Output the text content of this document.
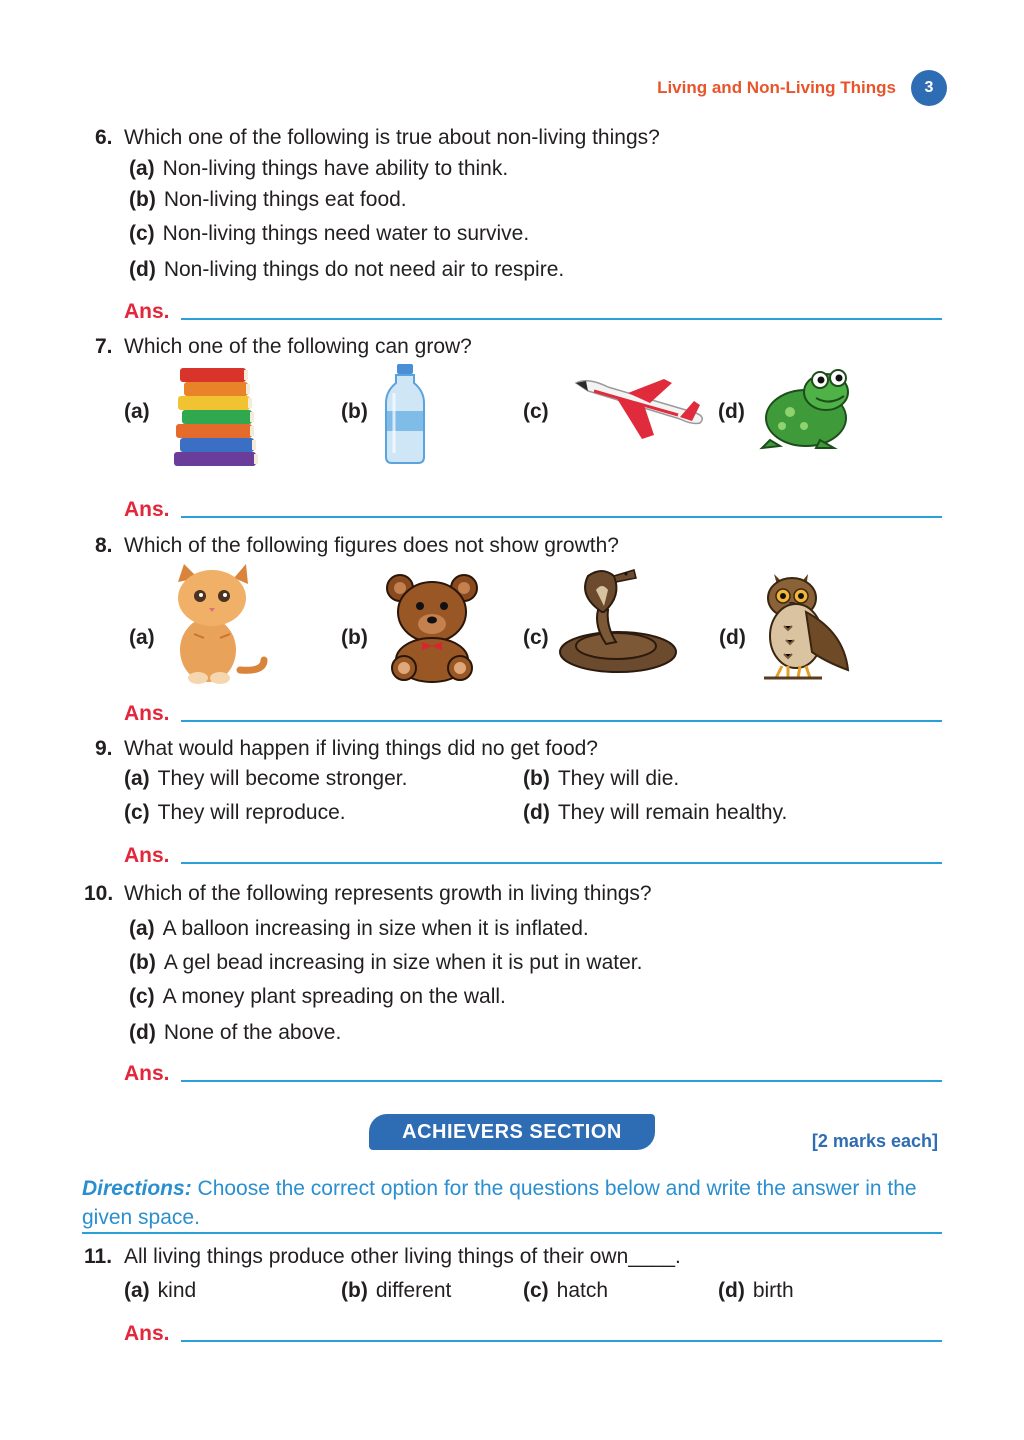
Living and Non-Living Things	3
6. Which one of the following is true about non-living things?
(a) Non-living things have ability to think.
(b) Non-living things eat food.
(c) Non-living things need water to survive.
(d) Non-living things do not need air to respire.
Ans.
7. Which one of the following can grow?
(a)	(b)	(c)	(d)
Ans.
8. Which of the following figures does not show growth?
(a)	(b)	(c)	(d)
Ans.
9. What would happen if living things did no get food?
(a) They will become stronger.	(b) They will die.
(c) They will reproduce.	(d) They will remain healthy.
Ans.
10. Which of the following represents growth in living things?
(a) A balloon increasing in size when it is inflated.
(b) A gel bead increasing in size when it is put in water.
(c) A money plant spreading on the wall.
(d) None of the above.
Ans.
ACHIEVERS SECTION	[2 marks each]
Directions: Choose the correct option for the questions below and write the answer in the given space.
11. All living things produce other living things of their own____.
(a) kind	(b) different	(c) hatch	(d) birth
Ans.
